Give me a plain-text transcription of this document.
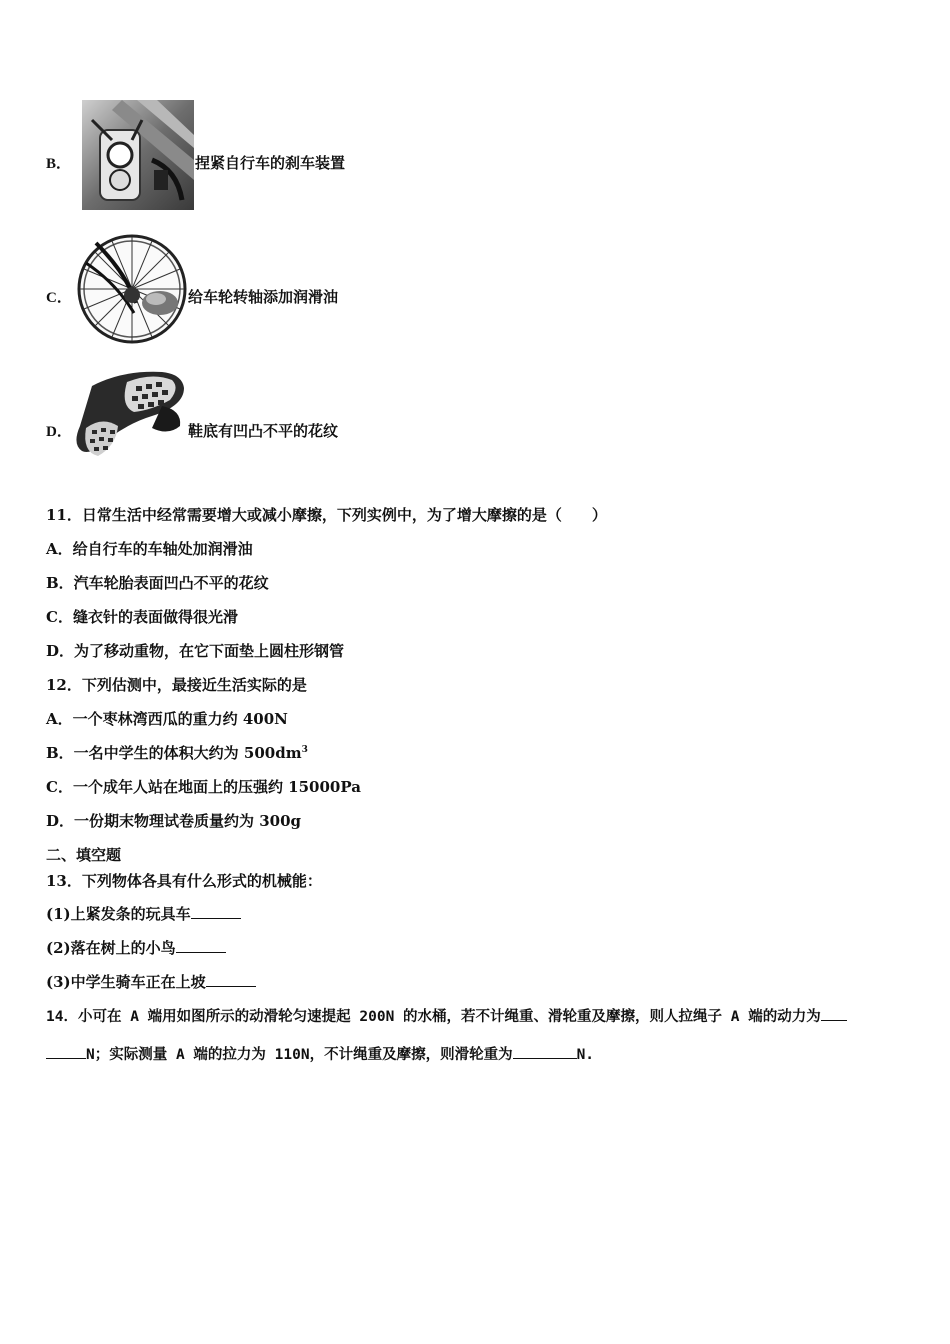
B．	捏紧自行车的刹车装置
C．	给车轮转轴添加润滑油
D．	鞋底有凹凸不平的花纹
11．日常生活中经常需要增大或减小摩擦，下列实例中，为了增大摩擦的是（　　）
A．给自行车的车轴处加润滑油
B．汽车轮胎表面凹凸不平的花纹
C．缝衣针的表面做得很光滑
D．为了移动重物，在它下面垫上圆柱形钢管
12．下列估测中，最接近生活实际的是
A．一个枣林湾西瓜的重力约 400N
B．一名中学生的体积大约为 $500dm^3$
C．一个成年人站在地面上的压强约 15000Pa
D．一份期末物理试卷质量约为 300g
二、填空题
13．下列物体各具有什么形式的机械能：
(1)上紧发条的玩具车
(2)落在树上的小鸟
(3)中学生骑车正在上坡
14．小可在 A 端用如图所示的动滑轮匀速提起 200N 的水桶，若不计绳重、滑轮重及摩擦，则人拉绳子 A 端的动力为
N；实际测量 A 端的拉力为 110N，不计绳重及摩擦，则滑轮重为	N.
